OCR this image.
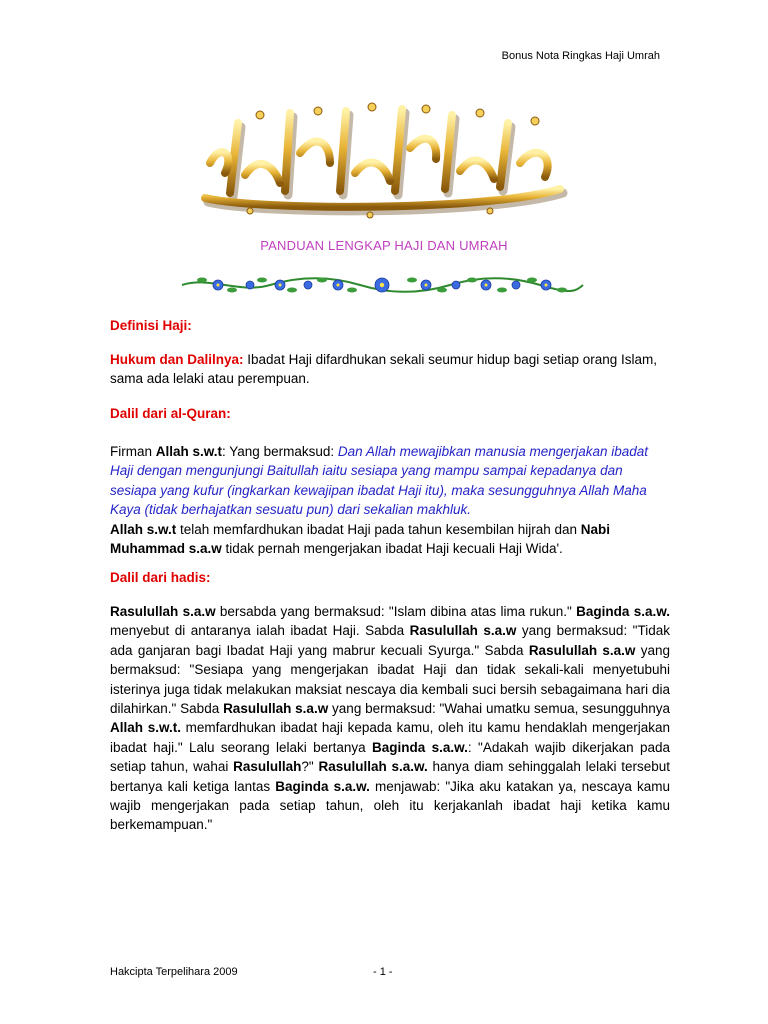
Bonus Nota Ringkas Haji Umrah
PANDUAN LENGKAP HAJI DAN UMRAH
Definisi Haji:
Hukum dan Dalilnya: Ibadat Haji difardhukan sekali seumur hidup bagi setiap orang Islam, sama ada lelaki atau perempuan.
Dalil dari al-Quran:
Firman Allah s.w.t: Yang bermaksud: Dan Allah mewajibkan manusia mengerjakan ibadat Haji dengan mengunjungi Baitullah iaitu sesiapa yang mampu sampai kepadanya dan sesiapa yang kufur (ingkarkan kewajipan ibadat Haji itu), maka sesungguhnya Allah Maha Kaya (tidak berhajatkan sesuatu pun) dari sekalian makhluk.
Allah s.w.t telah memfardhukan ibadat Haji pada tahun kesembilan hijrah dan Nabi Muhammad s.a.w tidak pernah mengerjakan ibadat Haji kecuali Haji Wida'.
Dalil dari hadis:
Rasulullah s.a.w bersabda yang bermaksud: "Islam dibina atas lima rukun." Baginda s.a.w. menyebut di antaranya ialah ibadat Haji. Sabda Rasulullah s.a.w yang bermaksud: "Tidak ada ganjaran bagi Ibadat Haji yang mabrur kecuali Syurga." Sabda Rasulullah s.a.w yang bermaksud: "Sesiapa yang mengerjakan ibadat Haji dan tidak sekali-kali menyetubuhi isterinya juga tidak melakukan maksiat nescaya dia kembali suci bersih sebagaimana hari dia dilahirkan." Sabda Rasulullah s.a.w yang bermaksud: "Wahai umatku semua, sesungguhnya Allah s.w.t. memfardhukan ibadat haji kepada kamu, oleh itu kamu hendaklah mengerjakan ibadat haji." Lalu seorang lelaki bertanya Baginda s.a.w.: "Adakah wajib dikerjakan pada setiap tahun, wahai Rasulullah?" Rasulullah s.a.w. hanya diam sehinggalah lelaki tersebut bertanya kali ketiga lantas Baginda s.a.w. menjawab: "Jika aku katakan ya, nescaya kamu wajib mengerjakan pada setiap tahun, oleh itu kerjakanlah ibadat haji ketika kamu berkemampuan."
Hakcipta Terpelihara 2009	- 1 -
